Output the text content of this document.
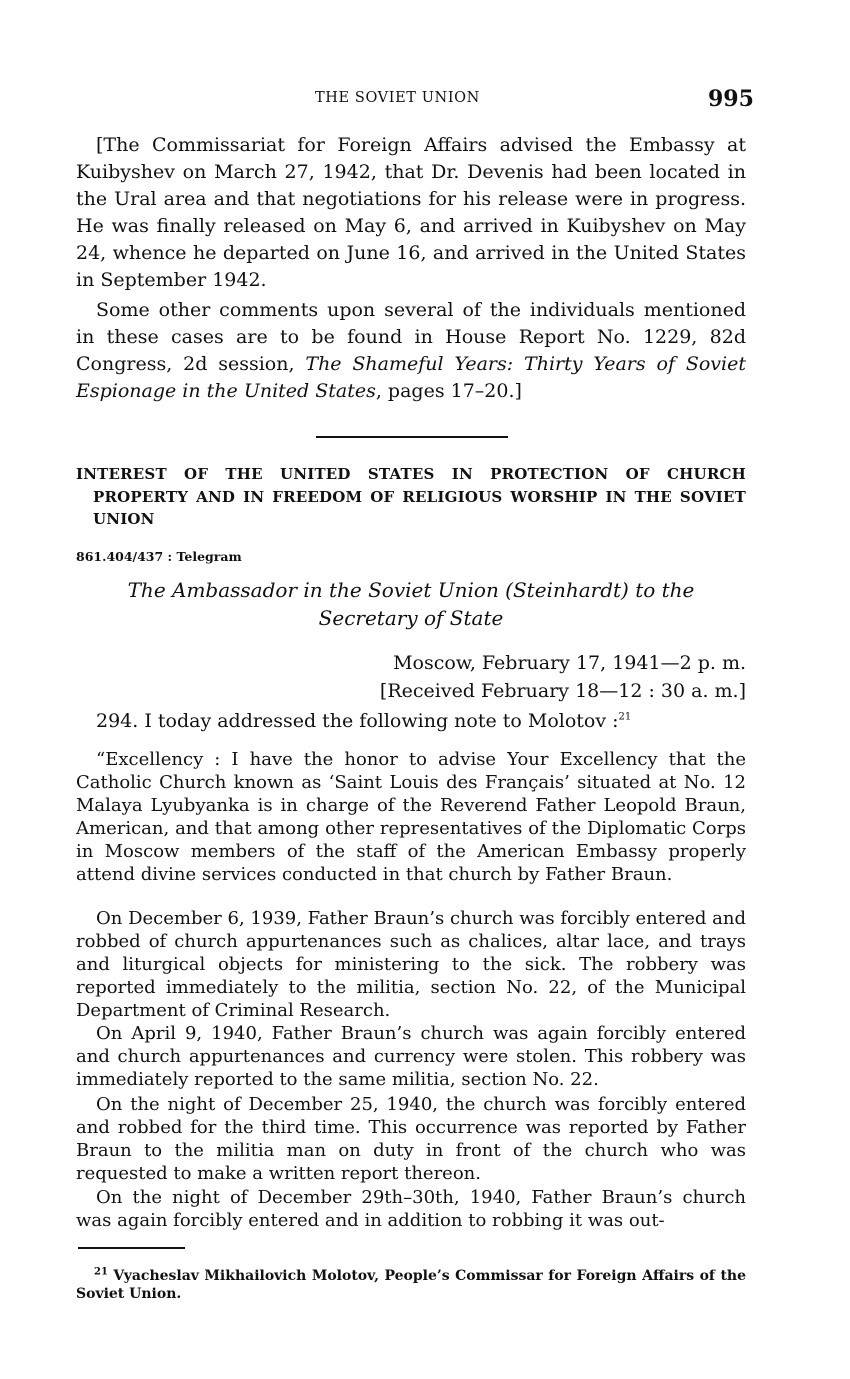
THE SOVIET UNION	995

[The Commissariat for Foreign Affairs advised the Embassy at Kuibyshev on March 27, 1942, that Dr. Devenis had been located in the Ural area and that negotiations for his release were in progress. He was finally released on May 6, and arrived in Kuibyshev on May 24, whence he departed on June 16, and arrived in the United States in September 1942.

Some other comments upon several of the individuals mentioned in these cases are to be found in House Report No. 1229, 82d Congress, 2d session, The Shameful Years: Thirty Years of Soviet Espionage in the United States, pages 17–20.]

INTEREST OF THE UNITED STATES IN PROTECTION OF CHURCH PROPERTY AND IN FREEDOM OF RELIGIOUS WORSHIP IN THE SOVIET UNION

861.404/437 : Telegram

The Ambassador in the Soviet Union (Steinhardt) to the Secretary of State

Moscow, February 17, 1941—2 p. m.
[Received February 18—12 : 30 a. m.]
294. I today addressed the following note to Molotov :$^{21}$

“Excellency : I have the honor to advise Your Excellency that the Catholic Church known as ‘Saint Louis des Français’ situated at No. 12 Malaya Lyubyanka is in charge of the Reverend Father Leopold Braun, American, and that among other representatives of the Diplomatic Corps in Moscow members of the staff of the American Embassy properly attend divine services conducted in that church by Father Braun.

On December 6, 1939, Father Braun’s church was forcibly entered and robbed of church appurtenances such as chalices, altar lace, and trays and liturgical objects for ministering to the sick. The robbery was reported immediately to the militia, section No. 22, of the Municipal Department of Criminal Research.

On April 9, 1940, Father Braun’s church was again forcibly entered and church appurtenances and currency were stolen. This robbery was immediately reported to the same militia, section No. 22.

On the night of December 25, 1940, the church was forcibly entered and robbed for the third time. This occurrence was reported by Father Braun to the militia man on duty in front of the church who was requested to make a written report thereon.

On the night of December 29th–30th, 1940, Father Braun’s church was again forcibly entered and in addition to robbing it was out-

$^{21}$ Vyacheslav Mikhailovich Molotov, People’s Commissar for Foreign Affairs of the Soviet Union.
